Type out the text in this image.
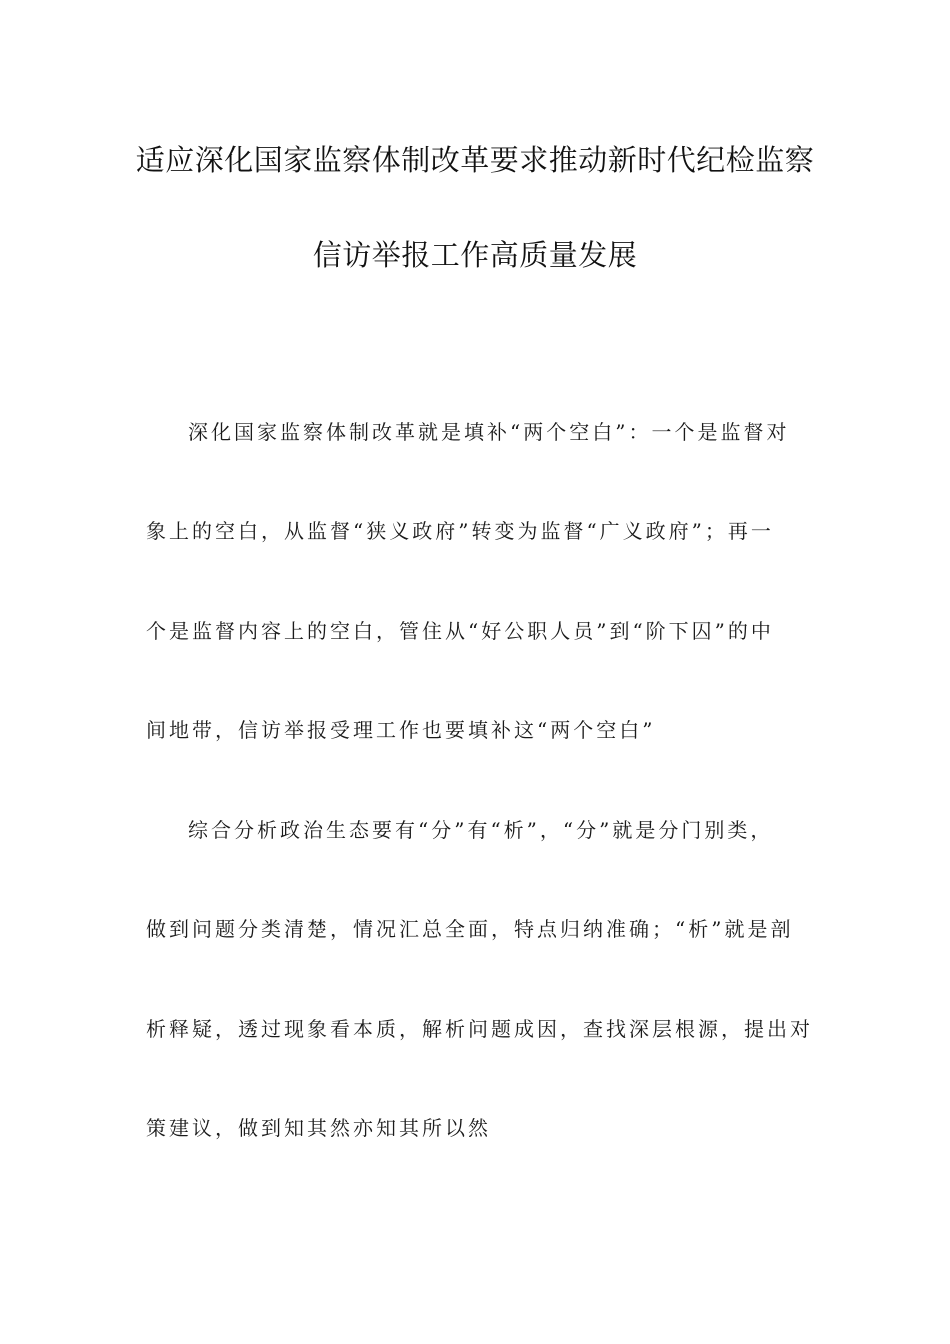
适应深化国家监察体制改革要求推动新时代纪检监察
信访举报工作高质量发展
深化国家监察体制改革就是填补“两个空白”：一个是监督对
象上的空白，从监督“狭义政府”转变为监督“广义政府”；再一
个是监督内容上的空白，管住从“好公职人员”到“阶下囚”的中
间地带，信访举报受理工作也要填补这“两个空白”
综合分析政治生态要有“分”有“析”，“分”就是分门别类，
做到问题分类清楚，情况汇总全面，特点归纳准确；“析”就是剖
析释疑，透过现象看本质，解析问题成因，查找深层根源，提出对
策建议，做到知其然亦知其所以然
